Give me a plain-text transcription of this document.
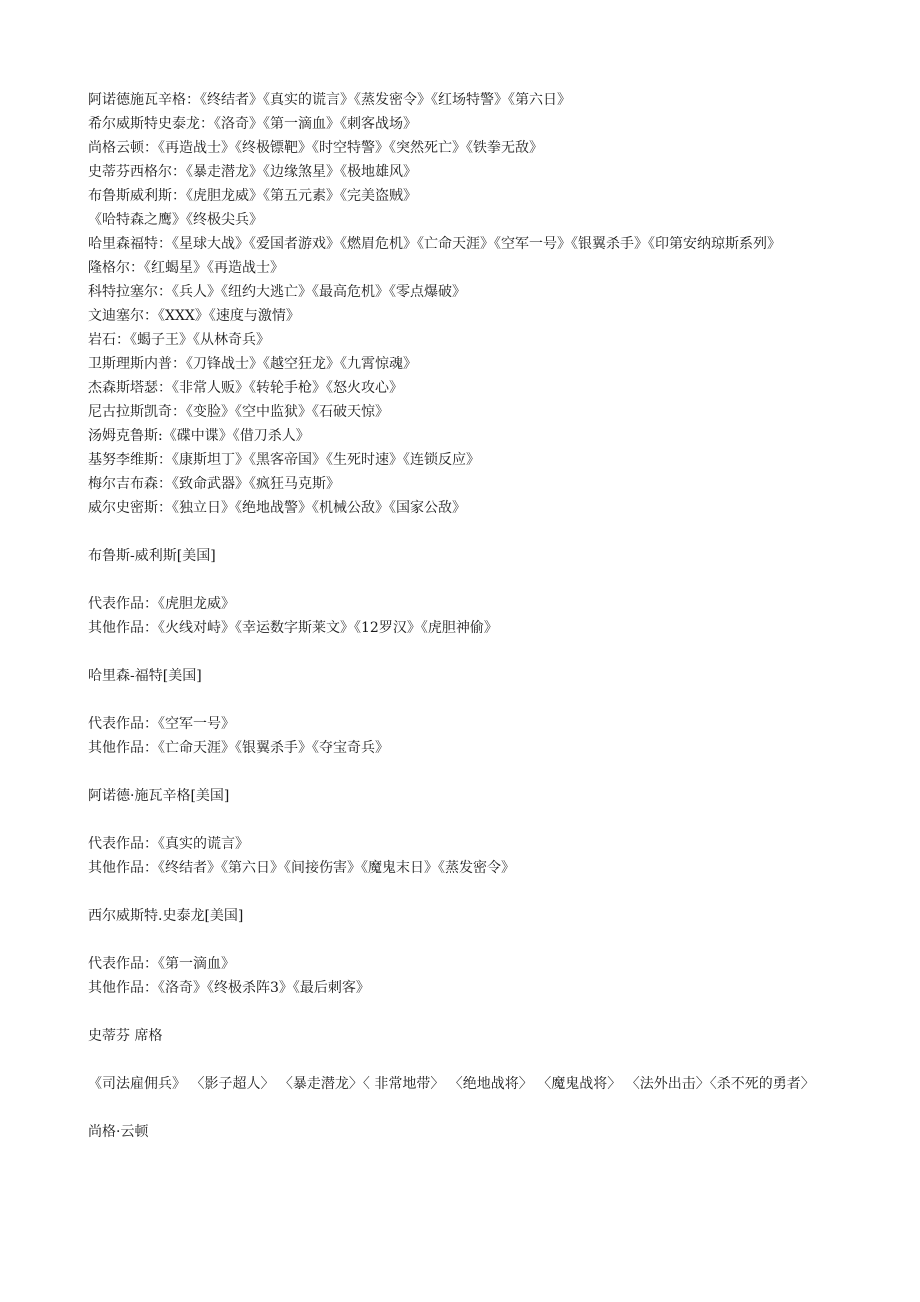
阿诺德施瓦辛格：《终结者》《真实的谎言》《蒸发密令》《红场特警》《第六日》

希尔威斯特史泰龙：《洛奇》《第一滴血》《刺客战场》

尚格云顿：《再造战士》《终极镖靶》《时空特警》《突然死亡》《铁拳无敌》

史蒂芬西格尔：《暴走潜龙》《边缘煞星》《极地雄风》

布鲁斯威利斯：《虎胆龙威》《第五元素》《完美盗贼》

《哈特森之鹰》《终极尖兵》

哈里森福特：《星球大战》《爱国者游戏》《燃眉危机》《亡命天涯》《空军一号》《银翼杀手》《印第安纳琼斯系列》

隆格尔：《红蝎星》《再造战士》

科特拉塞尔：《兵人》《纽约大逃亡》《最高危机》《零点爆破》

文迪塞尔：《XXX》《速度与激情》

岩石：《蝎子王》《从林奇兵》

卫斯理斯内普：《刀锋战士》《越空狂龙》《九霄惊魂》

杰森斯塔瑟：《非常人贩》《转轮手枪》《怒火攻心》

尼古拉斯凯奇：《变脸》《空中监狱》《石破天惊》

汤姆克鲁斯:《碟中谍》《借刀杀人》

基努李维斯：《康斯坦丁》《黑客帝国》《生死时速》《连锁反应》

梅尔吉布森：《致命武器》《疯狂马克斯》

威尔史密斯：《独立日》《绝地战警》《机械公敌》《国家公敌》

布鲁斯-威利斯[美国]

代表作品：《虎胆龙威》

其他作品：《火线对峙》《幸运数字斯莱文》《12罗汉》《虎胆神偷》

哈里森-福特[美国]

代表作品：《空军一号》

其他作品：《亡命天涯》《银翼杀手》《夺宝奇兵》

阿诺德·施瓦辛格[美国]

代表作品：《真实的谎言》

其他作品：《终结者》《第六日》《间接伤害》《魔鬼末日》《蒸发密令》

西尔威斯特.史泰龙[美国]

代表作品：《第一滴血》

其他作品：《洛奇》《终极杀阵3》《最后刺客》

史蒂芬 席格

《司法雇佣兵》 〈影子超人〉 〈暴走潜龙〉〈 非常地带〉 〈绝地战将〉 〈魔鬼战将〉 〈法外出击〉〈杀不死的勇者〉

尚格·云顿
